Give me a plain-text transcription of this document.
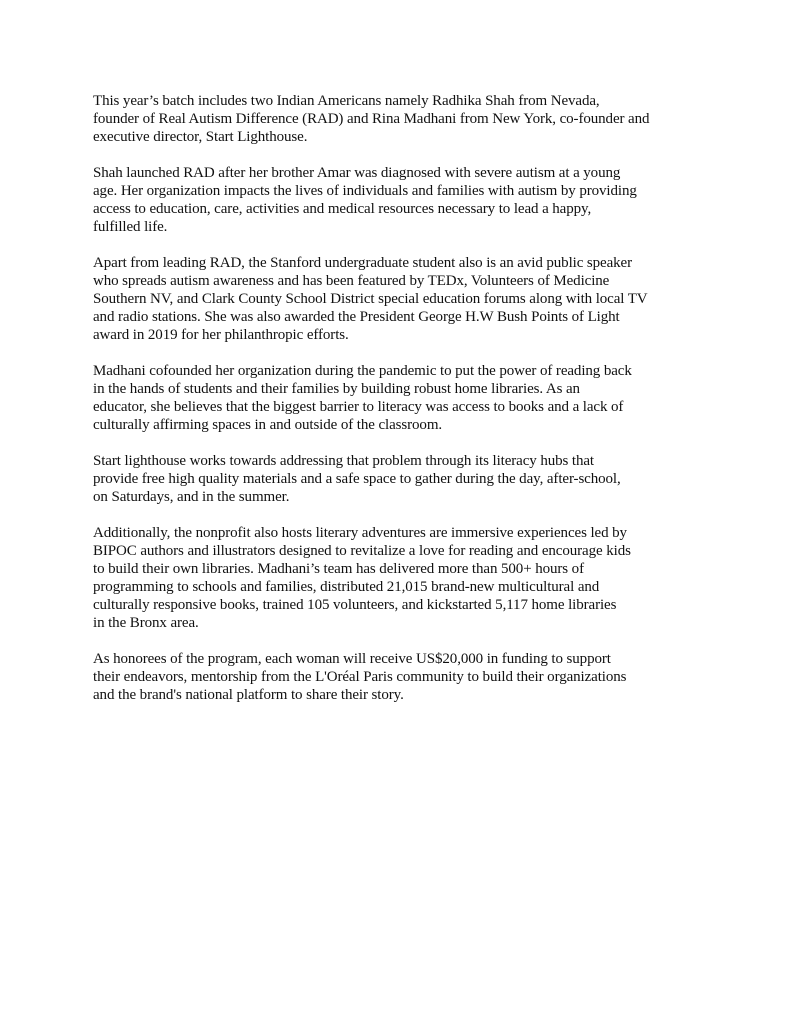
This year’s batch includes two Indian Americans namely Radhika Shah from Nevada,
founder of Real Autism Difference (RAD) and Rina Madhani from New York, co-founder and
executive director, Start Lighthouse.

Shah launched RAD after her brother Amar was diagnosed with severe autism at a young
age. Her organization impacts the lives of individuals and families with autism by providing
access to education, care, activities and medical resources necessary to lead a happy,
fulfilled life.

Apart from leading RAD, the Stanford undergraduate student also is an avid public speaker
who spreads autism awareness and has been featured by TEDx, Volunteers of Medicine
Southern NV, and Clark County School District special education forums along with local TV
and radio stations. She was also awarded the President George H.W Bush Points of Light
award in 2019 for her philanthropic efforts.

Madhani cofounded her organization during the pandemic to put the power of reading back
in the hands of students and their families by building robust home libraries. As an
educator, she believes that the biggest barrier to literacy was access to books and a lack of
culturally affirming spaces in and outside of the classroom.

Start lighthouse works towards addressing that problem through its literacy hubs that
provide free high quality materials and a safe space to gather during the day, after-school,
on Saturdays, and in the summer.

Additionally, the nonprofit also hosts literary adventures are immersive experiences led by
BIPOC authors and illustrators designed to revitalize a love for reading and encourage kids
to build their own libraries. Madhani’s team has delivered more than 500+ hours of
programming to schools and families, distributed 21,015 brand-new multicultural and
culturally responsive books, trained 105 volunteers, and kickstarted 5,117 home libraries
in the Bronx area.

As honorees of the program, each woman will receive US$20,000 in funding to support
their endeavors, mentorship from the L'Oréal Paris community to build their organizations
and the brand's national platform to share their story.
